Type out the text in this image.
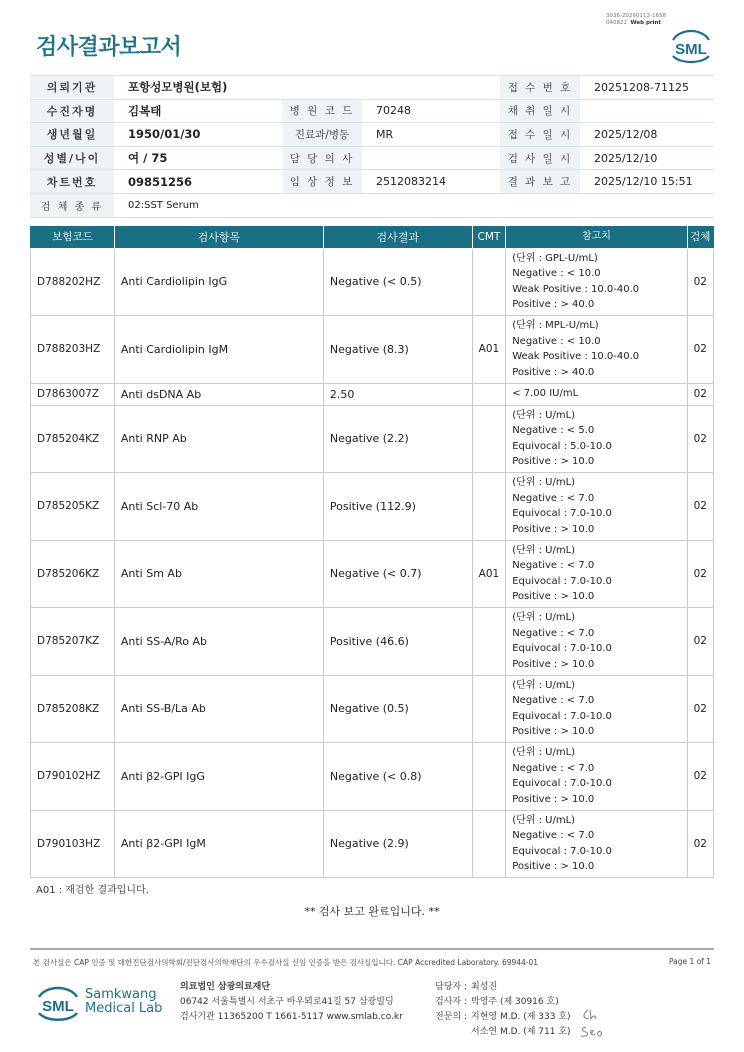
3036-20260113-1658
040822 Web print
검사결과보고서	SML
의뢰기관	포항성모병원(보험)			접 수 번 호	20251208-71125
수진자명	김복태	병 원 코 드	70248	채 취 일 시	
생년월일	1950/01/30	진료과/병동	MR	접 수 일 시	2025/12/08
성별/나이	여 / 75	담 당 의 사		검 사 일 시	2025/12/10
차트번호	09851256	임 상 정 보	2512083214	결 과 보 고	2025/12/10 15:51
검 체 종 류	02:SST Serum				
보험코드	검사항목	검사결과	CMT	참고치	검체
D788202HZ	Anti Cardiolipin IgG	Negative (< 0.5)		(단위 : GPL-U/mL)
Negative : < 10.0
Weak Positive : 10.0-40.0
Positive : > 40.0	02
D788203HZ	Anti Cardiolipin IgM	Negative (8.3)	A01	(단위 : MPL-U/mL)
Negative : < 10.0
Weak Positive : 10.0-40.0
Positive : > 40.0	02
D7863007Z	Anti dsDNA Ab	2.50		< 7.00 IU/mL	02
D785204KZ	Anti RNP Ab	Negative (2.2)		(단위 : U/mL)
Negative : < 5.0
Equivocal : 5.0-10.0
Positive : > 10.0	02
D785205KZ	Anti Scl-70 Ab	Positive (112.9)		(단위 : U/mL)
Negative : < 7.0
Equivocal : 7.0-10.0
Positive : > 10.0	02
D785206KZ	Anti Sm Ab	Negative (< 0.7)	A01	(단위 : U/mL)
Negative : < 7.0
Equivocal : 7.0-10.0
Positive : > 10.0	02
D785207KZ	Anti SS-A/Ro Ab	Positive (46.6)		(단위 : U/mL)
Negative : < 7.0
Equivocal : 7.0-10.0
Positive : > 10.0	02
D785208KZ	Anti SS-B/La Ab	Negative (0.5)		(단위 : U/mL)
Negative : < 7.0
Equivocal : 7.0-10.0
Positive : > 10.0	02
D790102HZ	Anti β2-GPI IgG	Negative (< 0.8)		(단위 : U/mL)
Negative : < 7.0
Equivocal : 7.0-10.0
Positive : > 10.0	02
D790103HZ	Anti β2-GPI IgM	Negative (2.9)		(단위 : U/mL)
Negative : < 7.0
Equivocal : 7.0-10.0
Positive : > 10.0	02
A01 : 재검한 결과입니다.
** 검사 보고 완료입니다. **
본 검사실은 CAP 인증 및 대한진단검사의학회/진단검사의학재단의 우수검사실 신임 인증을 받은 검사실입니다. CAP Accredited Laboratory. 69944-01	Page 1 of 1
SML
Samkwang
Medical Lab
의료법인 삼광의료재단
06742 서울특별시 서초구 바우뫼로41길 57 삼광빌딩
검사기관 11365200 T 1661-5117 www.smlab.co.kr
담당자 : 최성진
검사자 : 박영주 (제 30916 호)
전문의 : 지현영 M.D. (제 333 호)
서소연 M.D. (제 711 호)
